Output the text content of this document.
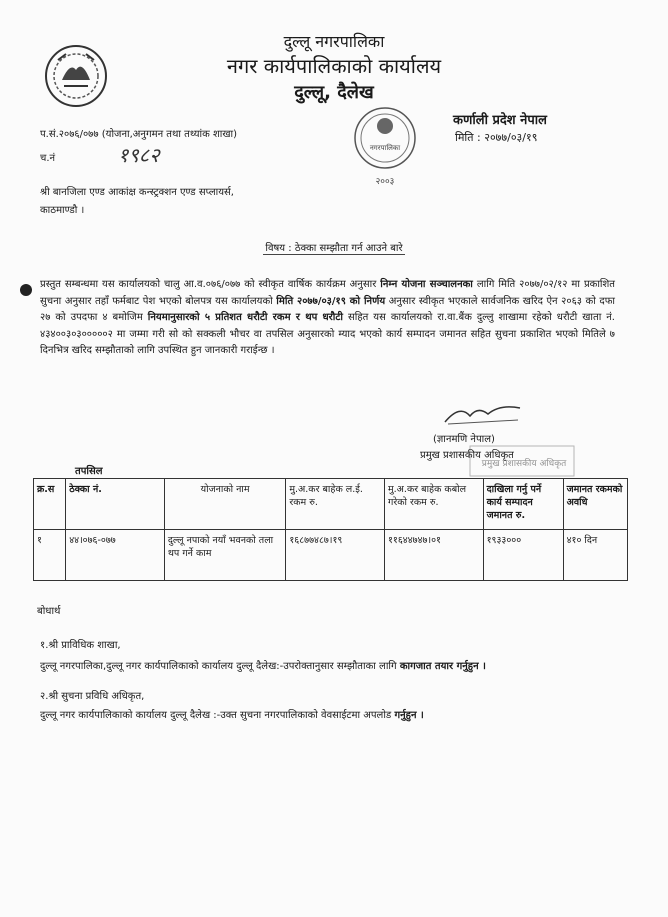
दुल्लू नगरपालिका
नगर कार्यपालिकाको कार्यालय
दुल्लू, दैलेख
नगरपालिका
२००३
कर्णाली प्रदेश नेपाल
मिति : २०७७/०३/१९
प.सं.२०७६/०७७ (योजना,अनुगमन तथा तथ्यांक शाखा)
च.नं	१९८२
श्री बानजिला एण्ड आकांक्ष कन्स्ट्रक्शन एण्ड सप्लायर्स,
काठमाण्डौ ।
विषय : ठेक्का सम्झौता गर्न आउने बारे
प्रस्तुत सम्बन्धमा यस कार्यालयको चालु आ.व.०७६/०७७ को स्वीकृत वार्षिक कार्यक्रम अनुसार निम्न योजना सञ्चालनका लागि मिति २०७७/०२/१२ मा प्रकाशित सुचना अनुसार तहाँ फर्मबाट पेश भएको बोलपत्र यस कार्यालयको मिति २०७७/०३/१९ को निर्णय अनुसार स्वीकृत भएकाले सार्वजनिक खरिद ऐन २०६३ को दफा २७ को उपदफा ४ बमोजिम नियमानुसारको ५ प्रतिशत धरौटी रकम र थप धरौटी सहित यस कार्यालयको रा.वा.बैंक दुल्लु शाखामा रहेको धरौटी खाता नं. ४३४००३०३०००००२ मा जम्मा गरी सो को सक्कली भौचर वा तपसिल अनुसारको म्याद भएको कार्य सम्पादन जमानत सहित सुचना प्रकाशित भएको मितिले ७ दिनभित्र खरिद सम्झौताको लागि उपस्थित हुन जानकारी गराईन्छ ।
(ज्ञानमणि नेपाल)
प्रमुख प्रशासकीय अधिकृत
प्रमुख प्रशासकीय अधिकृत
तपसिल
क्र.स	ठेक्का नं.	योजनाको नाम	मु.अ.कर बाहेक ल.ई. रकम रु.	मु.अ.कर बाहेक कबोल गरेको रकम रु.	दाखिला गर्नु पर्ने कार्य सम्पादन जमानत रु.	जमानत रकमको अवधि
१	४४।०७६-०७७	दुल्लू नपाको नयाँ भवनको तला थप गर्ने काम	१६८७७४८७।१९	११६४४७४७।०१	१९३३०००	४१० दिन
बोधार्थ
१.श्री प्राविधिक शाखा,
दुल्लू नगरपालिका,दुल्लू नगर कार्यपालिकाको कार्यालय दुल्लू दैलेख:-उपरोक्तानुसार सम्झौताका लागि कागजात तयार गर्नुहुन ।
२.श्री सुचना प्रविधि अधिकृत,
दुल्लू नगर कार्यपालिकाको कार्यालय दुल्लू दैलेख :-उक्त सुचना नगरपालिकाको वेवसाईटमा अपलोड गर्नुहुन ।
